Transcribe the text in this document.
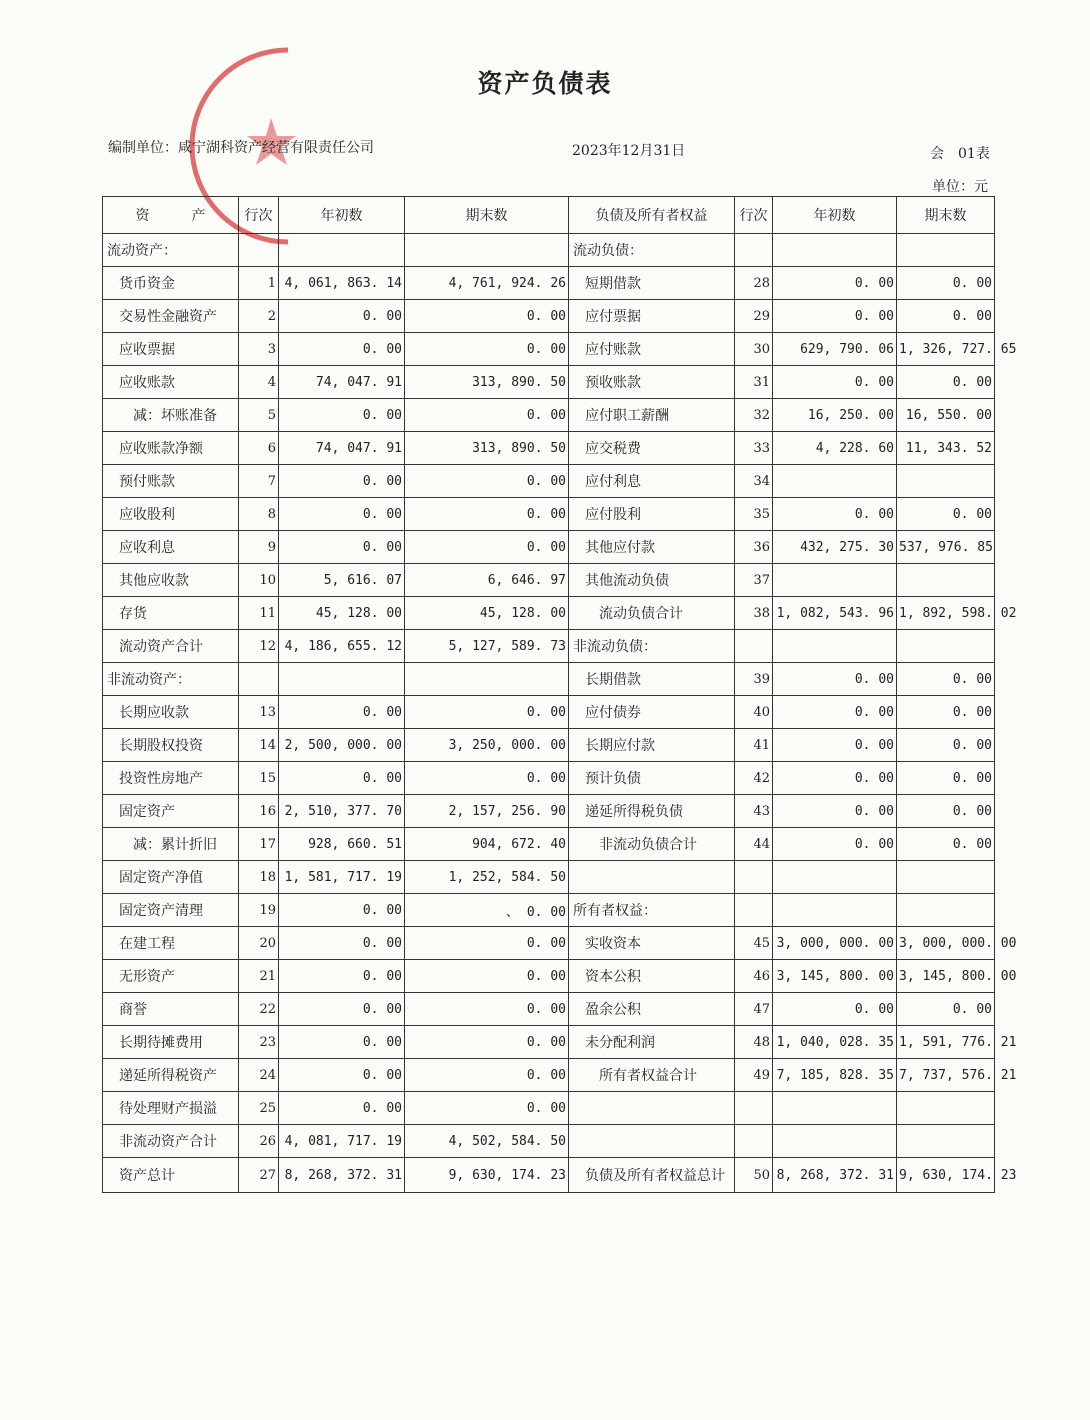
资产负债表
编制单位：咸宁湖科资产经营有限责任公司	2023年12月31日	会　01表
单位：元
资　　　产	行次	年初数	期末数	负债及所有者权益	行次	年初数	期末数
流动资产：				流动负债：			
货币资金	1	4, 061, 863. 14	4, 761, 924. 26	短期借款	28	0. 00	0. 00
交易性金融资产	2	0. 00	0. 00	应付票据	29	0. 00	0. 00
应收票据	3	0. 00	0. 00	应付账款	30	629, 790. 06	1, 326, 727. 65
应收账款	4	74, 047. 91	313, 890. 50	预收账款	31	0. 00	0. 00
减：坏账准备	5	0. 00	0. 00	应付职工薪酬	32	16, 250. 00	16, 550. 00
应收账款净额	6	74, 047. 91	313, 890. 50	应交税费	33	4, 228. 60	11, 343. 52
预付账款	7	0. 00	0. 00	应付利息	34		
应收股利	8	0. 00	0. 00	应付股利	35	0. 00	0. 00
应收利息	9	0. 00	0. 00	其他应付款	36	432, 275. 30	537, 976. 85
其他应收款	10	5, 616. 07	6, 646. 97	其他流动负债	37		
存货	11	45, 128. 00	45, 128. 00	流动负债合计	38	1, 082, 543. 96	1, 892, 598. 02
流动资产合计	12	4, 186, 655. 12	5, 127, 589. 73	非流动负债：			
非流动资产：				长期借款	39	0. 00	0. 00
长期应收款	13	0. 00	0. 00	应付债券	40	0. 00	0. 00
长期股权投资	14	2, 500, 000. 00	3, 250, 000. 00	长期应付款	41	0. 00	0. 00
投资性房地产	15	0. 00	0. 00	预计负债	42	0. 00	0. 00
固定资产	16	2, 510, 377. 70	2, 157, 256. 90	递延所得税负债	43	0. 00	0. 00
减：累计折旧	17	928, 660. 51	904, 672. 40	非流动负债合计	44	0. 00	0. 00
固定资产净值	18	1, 581, 717. 19	1, 252, 584. 50				
固定资产清理	19	0. 00	、 0. 00	所有者权益：			
在建工程	20	0. 00	0. 00	实收资本	45	3, 000, 000. 00	3, 000, 000. 00
无形资产	21	0. 00	0. 00	资本公积	46	3, 145, 800. 00	3, 145, 800. 00
商誉	22	0. 00	0. 00	盈余公积	47	0. 00	0. 00
长期待摊费用	23	0. 00	0. 00	未分配利润	48	1, 040, 028. 35	1, 591, 776. 21
递延所得税资产	24	0. 00	0. 00	所有者权益合计	49	7, 185, 828. 35	7, 737, 576. 21
待处理财产损溢	25	0. 00	0. 00				
非流动资产合计	26	4, 081, 717. 19	4, 502, 584. 50				
资产总计	27	8, 268, 372. 31	9, 630, 174. 23	负债及所有者权益总计	50	8, 268, 372. 31	9, 630, 174. 23
